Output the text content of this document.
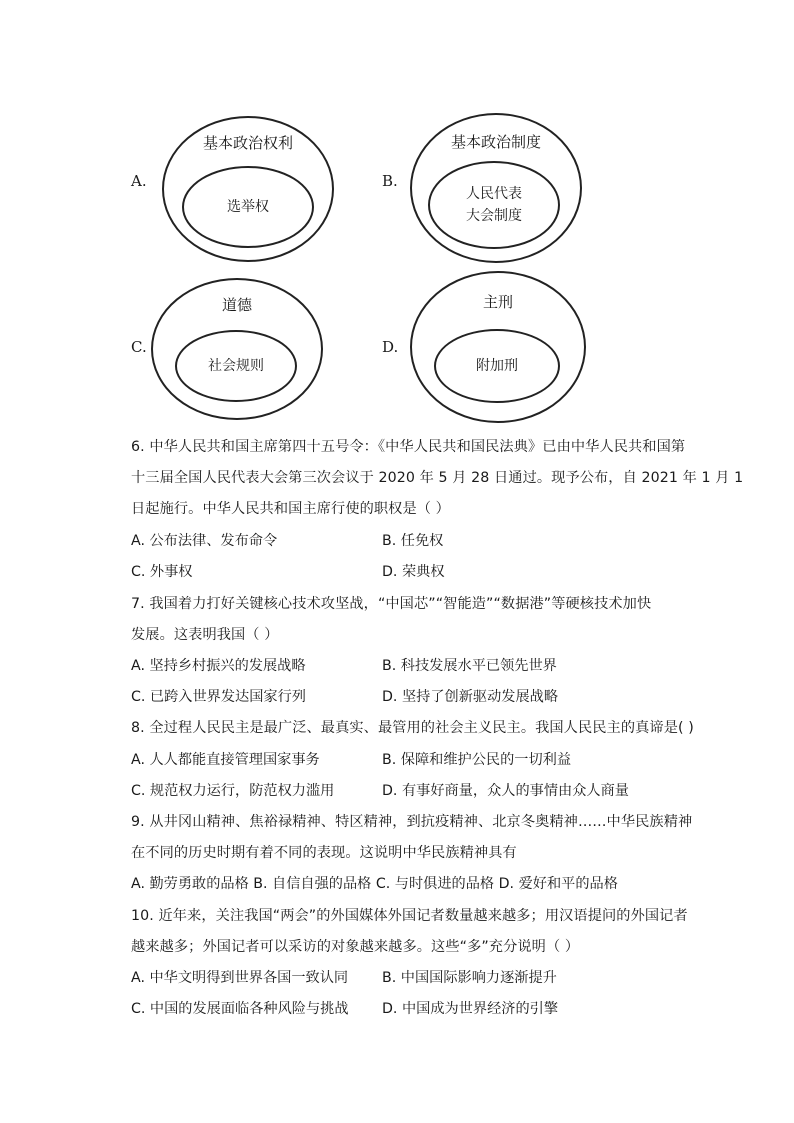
A.
基本政治权利
选举权
B.
基本政治制度
人民代表
大会制度
C.
道德
社会规则
D.
主刑
附加刑
6. 中华人民共和国主席第四十五号令：《中华人民共和国民法典》已由中华人民共和国第
十三届全国人民代表大会第三次会议于 2020 年 5 月 28 日通过。现予公布，自 2021 年 1 月 1
日起施行。中华人民共和国主席行使的职权是（ ）
A. 公布法律、发布命令	B. 任免权
C. 外事权	D. 荣典权
7. 我国着力打好关键核心技术攻坚战，“中国芯”“智能造”“数据港”等硬核技术加快
发展。这表明我国（ ）
A. 坚持乡村振兴的发展战略	B. 科技发展水平已领先世界
C. 已跨入世界发达国家行列	D. 坚持了创新驱动发展战略
8. 全过程人民民主是最广泛、最真实、最管用的社会主义民主。我国人民民主的真谛是( )
A. 人人都能直接管理国家事务	B. 保障和维护公民的一切利益
C. 规范权力运行，防范权力滥用	D. 有事好商量，众人的事情由众人商量
9. 从井冈山精神、焦裕禄精神、特区精神，到抗疫精神、北京冬奥精神……中华民族精神
在不同的历史时期有着不同的表现。这说明中华民族精神具有
A. 勤劳勇敢的品格 B. 自信自强的品格 C. 与时俱进的品格 D. 爱好和平的品格
10. 近年来，关注我国“两会”的外国媒体外国记者数量越来越多；用汉语提问的外国记者
越来越多；外国记者可以采访的对象越来越多。这些“多”充分说明（ ）
A. 中华文明得到世界各国一致认同 B. 中国国际影响力逐渐提升
C. 中国的发展面临各种风险与挑战 D. 中国成为世界经济的引擎
